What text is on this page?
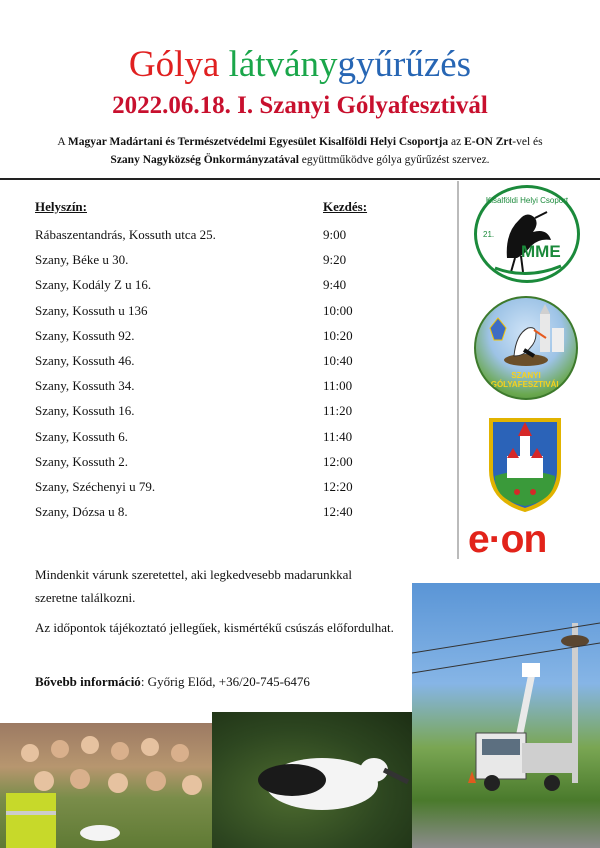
Gólya látványgyűrűzés
2022.06.18. I. Szanyi Gólyafesztivál
A Magyar Madártani és Természetvédelmi Egyesület Kisalföldi Helyi Csoportja az E-ON Zrt-vel és
Szany Nagyközség Önkormányzatával együttműködve gólya gyűrűzést szervez.
Helyszín:	Kezdés:
Rábaszentandrás, Kossuth utca 25.	9:00
Szany, Béke u 30.	9:20
Szany, Kodály Z u 16.	9:40
Szany, Kossuth u 136	10:00
Szany, Kossuth 92.	10:20
Szany, Kossuth 46.	10:40
Szany, Kossuth 34.	11:00
Szany, Kossuth 16.	11:20
Szany, Kossuth 6.	11:40
Szany, Kossuth 2.	12:00
Szany, Széchenyi u 79.	12:20
Szany, Dózsa u 8.	12:40
Mindenkit várunk szeretettel, aki legkedvesebb madarunkkal szeretne találkozni.
Az időpontok tájékoztató jellegűek, kismértékű csúszás előfordulhat.
Bővebb információ: Győrig Előd, +36/20-745-6476
Kisalföldi Helyi Csoport
21.
MME
SZANYI GÓLYAFESZTIVÁL
e·on
